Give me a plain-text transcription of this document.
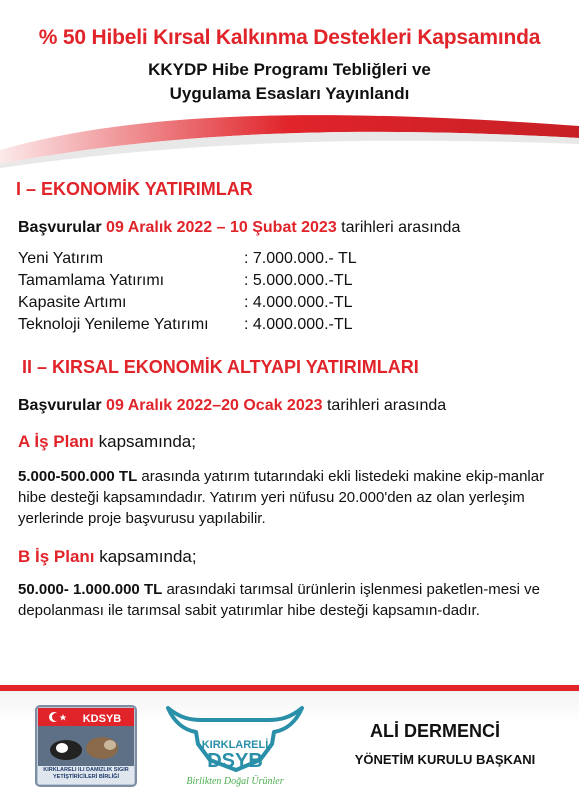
% 50 Hibeli Kırsal Kalkınma Destekleri Kapsamında
KKYDP Hibe Programı Tebliğleri ve
Uygulama Esasları Yayınlandı
I – EKONOMİK YATIRIMLAR
Başvurular 09 Aralık 2022 – 10 Şubat 2023 tarihleri arasında
Yeni Yatırım	: 7.000.000.- TL
Tamamlama Yatırımı	: 5.000.000.-TL
Kapasite Artımı	: 4.000.000.-TL
Teknoloji Yenileme Yatırımı : 4.000.000.-TL
II – KIRSAL EKONOMİK ALTYAPI YATIRIMLARI
Başvurular 09 Aralık 2022–20 Ocak 2023 tarihleri arasında
A İş Planı kapsamında;
5.000-500.000 TL arasında yatırım tutarındaki ekli listedeki makine ekip-manlar hibe desteği kapsamındadır. Yatırım yeri nüfusu 20.000'den az olan yerleşim yerlerinde proje başvurusu yapılabilir.
B İş Planı kapsamında;
50.000- 1.000.000 TL arasındaki tarımsal ürünlerin işlenmesi paketlen-mesi ve depolanması ile tarımsal sabit yatırımlar hibe desteği kapsamın-dadır.
KDSYB
KIRKLARELİ İLİ DAMIZLIK SIĞIR YETİŞTİRİCİLERİ BİRLİĞİ
KIRKLARELİ
DSYB
Birlikten Doğal Ürünler
ALİ DERMENCİ
YÖNETİM KURULU BAŞKANI
